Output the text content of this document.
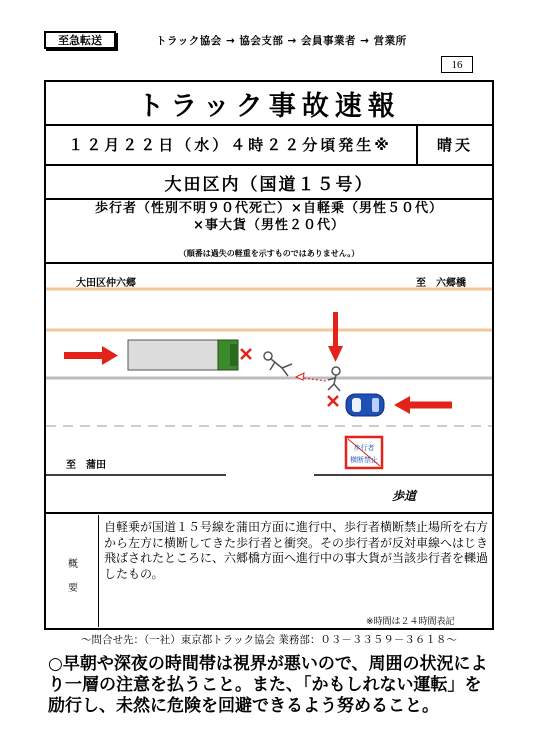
至急転送	トラック協会 → 協会支部 → 会員事業者 → 営業所
16
トラック事故速報
１２月２２日（水）４時２２分頃発生※	晴天
大田区内（国道１５号）
歩行者（性別不明９０代死亡）×自軽乗（男性５０代）
×事大貨（男性２０代）
（順番は過失の軽重を示すものではありません。）
歩行者
横断禁止
大田区仲六郷	至　六郷橋
至　蒲田
歩道
概
要
自軽乗が国道１５号線を蒲田方面に進行中、歩行者横断禁止場所を右方から左方に横断してきた歩行者と衝突。その歩行者が反対車線へはじき飛ばされたところに、六郷橋方面へ進行中の事大貨が当該歩行者を轢過したもの。
※時間は２４時間表記
～問合せ先：（一社）東京都トラック協会 業務部：０３－３３５９－３６１８～
○早朝や深夜の時間帯は視界が悪いので、周囲の状況により一層の注意を払うこと。また、「かもしれない運転」を励行し、未然に危険を回避できるよう努めること。
